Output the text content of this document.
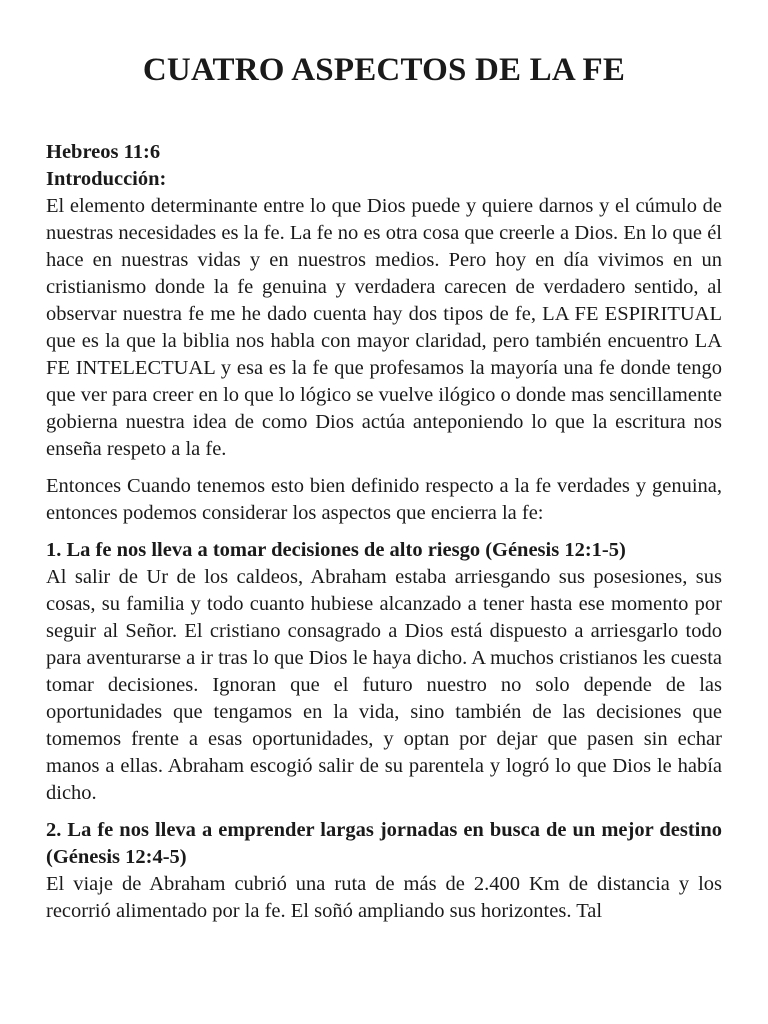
CUATRO ASPECTOS DE LA FE

Hebreos 11:6

Introducción:

El elemento determinante entre lo que Dios puede y quiere darnos y el cúmulo de nuestras necesidades es la fe. La fe no es otra cosa que creerle a Dios. En lo que él hace en nuestras vidas y en nuestros medios. Pero hoy en día vivimos en un cristianismo donde la fe genuina y verdadera carecen de verdadero sentido, al observar nuestra fe me he dado cuenta hay dos tipos de fe, LA FE ESPIRITUAL que es la que la biblia nos habla con mayor claridad, pero también encuentro LA FE INTELECTUAL y esa es la fe que profesamos la mayoría una fe donde tengo que ver para creer en lo que lo lógico se vuelve ilógico o donde mas sencillamente gobierna nuestra idea de como Dios actúa anteponiendo lo que la escritura nos enseña respeto a la fe.

Entonces Cuando tenemos esto bien definido respecto a la fe verdades y genuina, entonces podemos considerar los aspectos que encierra la fe:

1. La fe nos lleva a tomar decisiones de alto riesgo (Génesis 12:1-5)

Al salir de Ur de los caldeos, Abraham estaba arriesgando sus posesiones, sus cosas, su familia y todo cuanto hubiese alcanzado a tener hasta ese momento por seguir al Señor. El cristiano consagrado a Dios está dispuesto a arriesgarlo todo para aventurarse a ir tras lo que Dios le haya dicho. A muchos cristianos les cuesta tomar decisiones. Ignoran que el futuro nuestro no solo depende de las oportunidades que tengamos en la vida, sino también de las decisiones que tomemos frente a esas oportunidades, y optan por dejar que pasen sin echar manos a ellas. Abraham escogió salir de su parentela y logró lo que Dios le había dicho.

2. La fe nos lleva a emprender largas jornadas en busca de un mejor destino (Génesis 12:4-5)

El viaje de Abraham cubrió una ruta de más de 2.400 Km de distancia y los recorrió alimentado por la fe. El soñó ampliando sus horizontes. Tal
